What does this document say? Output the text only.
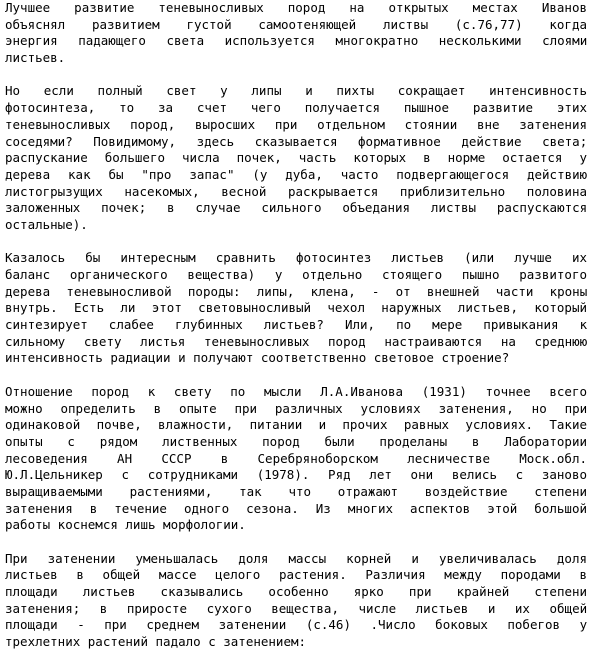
Лучшее развитие теневыносливых пород на открытых местах Иванов
объяснял развитием густой самоотеняющей листвы (с.76,77) когда
энергия падающего света используется многократно несколькими слоями
листьев.
Но если полный свет у липы и пихты сокращает интенсивность
фотосинтеза, то за счет чего получается пышное развитие этих
теневыносливых пород, выросших при отдельном стоянии вне затенения
соседями? Повидимому, здесь сказывается формативное действие света;
распускание большего числа почек, часть которых в норме остается у
дерева как бы "про запас" (у дуба, часто подвергающегося действию
листогрызущих насекомых, весной раскрывается приблизительно половина
заложенных почек; в случае сильного объедания листвы распускаются
остальные).
Казалось бы интересным сравнить фотосинтез листьев (или лучше их
баланс органического вещества) у отдельно стоящего пышно развитого
дерева теневыносливой породы: липы, клена, - от внешней части кроны
внутрь. Есть ли этот световыносливый чехол наружных листьев, который
синтезирует слабее глубинных листьев? Или, по мере привыкания к
сильному свету листья теневыносливых пород настраиваются на среднюю
интенсивность радиации и получают соответственно световое строение?
Отношение пород к свету по мысли Л.А.Иванова (1931) точнее всего
можно определить в опыте при различных условиях затенения, но при
одинаковой почве, влажности, питании и прочих равных условиях. Такие
опыты с рядом лиственных пород были проделаны в Лаборатории
лесоведения АН СССР в Серебряноборском лесничестве Моск.обл.
Ю.Л.Цельникер с сотрудниками (1978). Ряд лет они велись с заново
выращиваемыми растениями, так что отражают воздействие степени
затенения в течение одного сезона. Из многих аспектов этой большой
работы коснемся лишь морфологии.
При затенении уменьшалась доля массы корней и увеличивалась доля
листьев в общей массе целого растения. Различия между породами в
площади листьев сказывались особенно ярко при крайней степени
затенения; в приросте сухого вещества, числе листьев и их общей
площади - при среднем затенении (с.46) .Число боковых побегов у
трехлетних растений падало с затенением:
